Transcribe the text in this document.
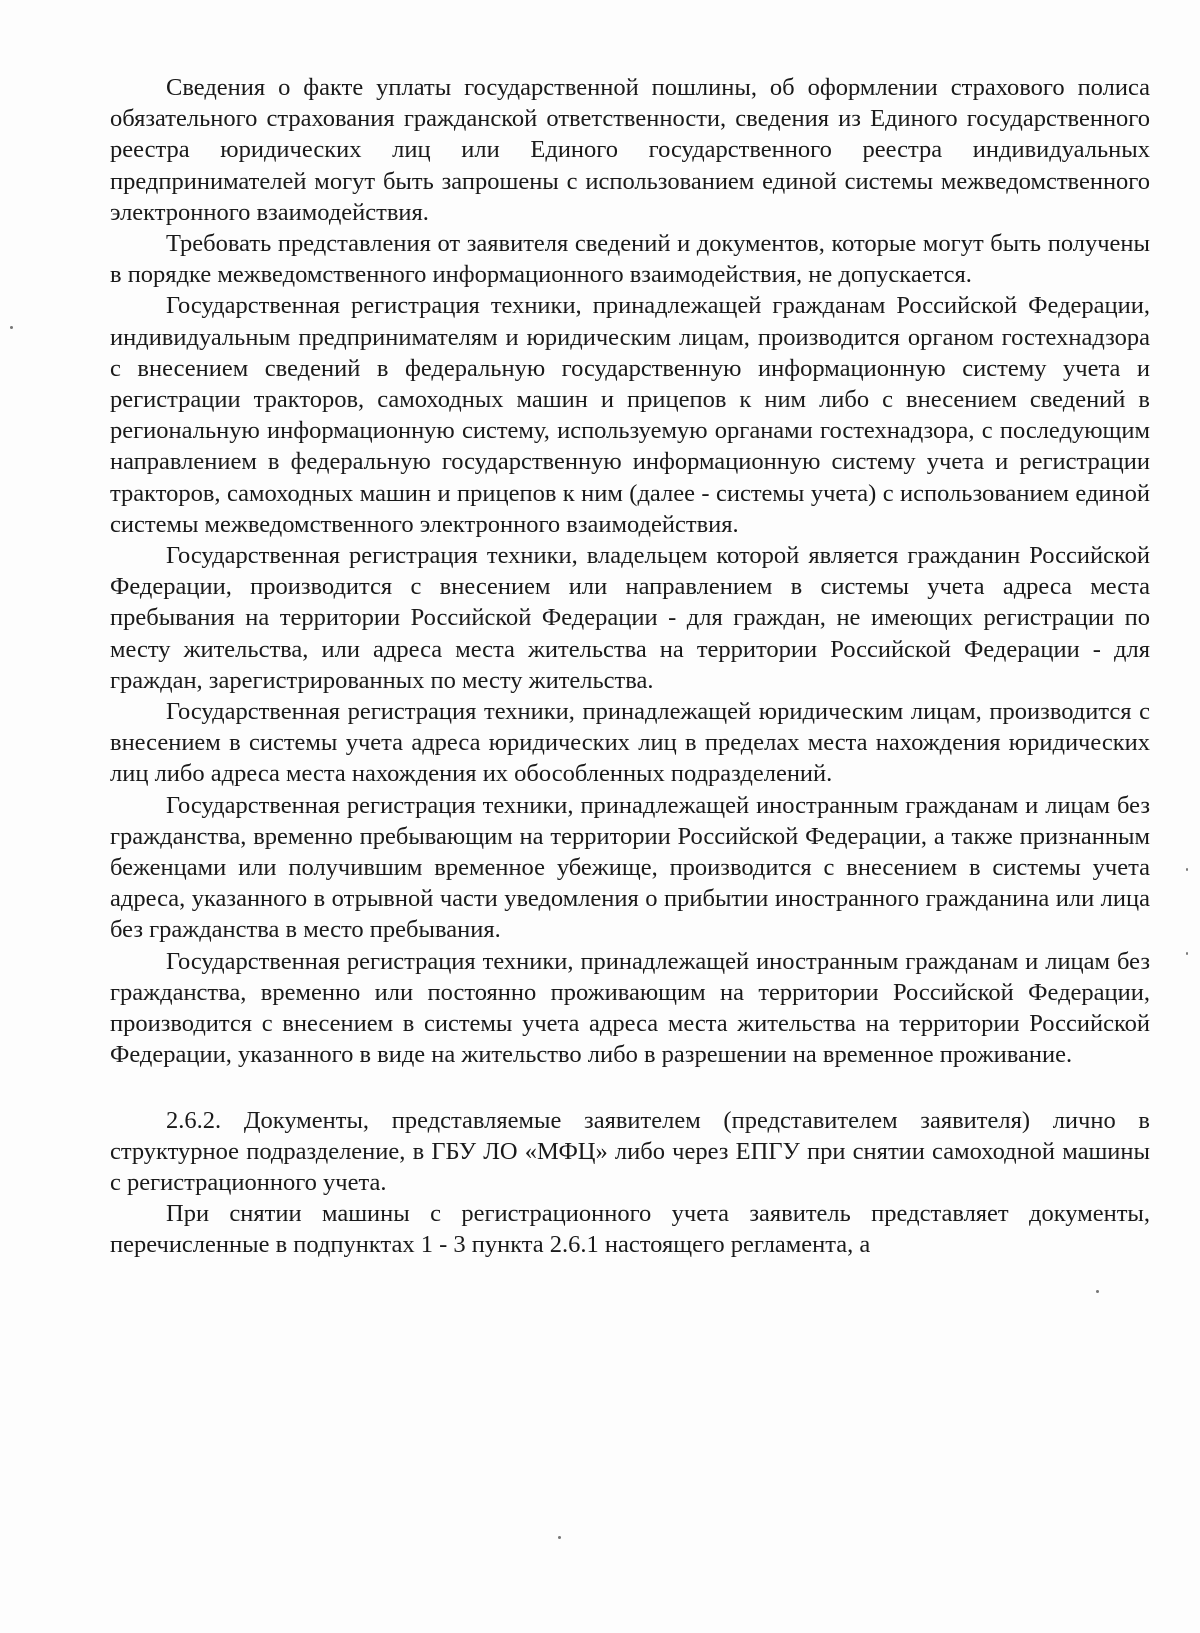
Сведения о факте уплаты государственной пошлины, об оформлении страхового полиса обязательного страхования гражданской ответственности, сведения из Единого государственного реестра юридических лиц или Единого государственного реестра индивидуальных предпринимателей могут быть запрошены с использованием единой системы межведомственного электронного взаимодействия.

Требовать представления от заявителя сведений и документов, которые могут быть получены в порядке межведомственного информационного взаимодействия, не допускается.

Государственная регистрация техники, принадлежащей гражданам Российской Федерации, индивидуальным предпринимателям и юридическим лицам, производится органом гостехнадзора с внесением сведений в федеральную государственную информационную систему учета и регистрации тракторов, самоходных машин и прицепов к ним либо с внесением сведений в региональную информационную систему, используемую органами гостехнадзора, с последующим направлением в федеральную государственную информационную систему учета и регистрации тракторов, самоходных машин и прицепов к ним (далее - системы учета) с использованием единой системы межведомственного электронного взаимодействия.

Государственная регистрация техники, владельцем которой является гражданин Российской Федерации, производится с внесением или направлением в системы учета адреса места пребывания на территории Российской Федерации - для граждан, не имеющих регистрации по месту жительства, или адреса места жительства на территории Российской Федерации - для граждан, зарегистрированных по месту жительства.

Государственная регистрация техники, принадлежащей юридическим лицам, производится с внесением в системы учета адреса юридических лиц в пределах места нахождения юридических лиц либо адреса места нахождения их обособленных подразделений.

Государственная регистрация техники, принадлежащей иностранным гражданам и лицам без гражданства, временно пребывающим на территории Российской Федерации, а также признанным беженцами или получившим временное убежище, производится с внесением в системы учета адреса, указанного в отрывной части уведомления о прибытии иностранного гражданина или лица без гражданства в место пребывания.

Государственная регистрация техники, принадлежащей иностранным гражданам и лицам без гражданства, временно или постоянно проживающим на территории Российской Федерации, производится с внесением в системы учета адреса места жительства на территории Российской Федерации, указанного в виде на жительство либо в разрешении на временное проживание.

2.6.2. Документы, представляемые заявителем (представителем заявителя) лично в структурное подразделение, в ГБУ ЛО «МФЦ» либо через ЕПГУ при снятии самоходной машины с регистрационного учета.

При снятии машины с регистрационного учета заявитель представляет документы, перечисленные в подпунктах 1 - 3 пункта 2.6.1 настоящего регламента, а
